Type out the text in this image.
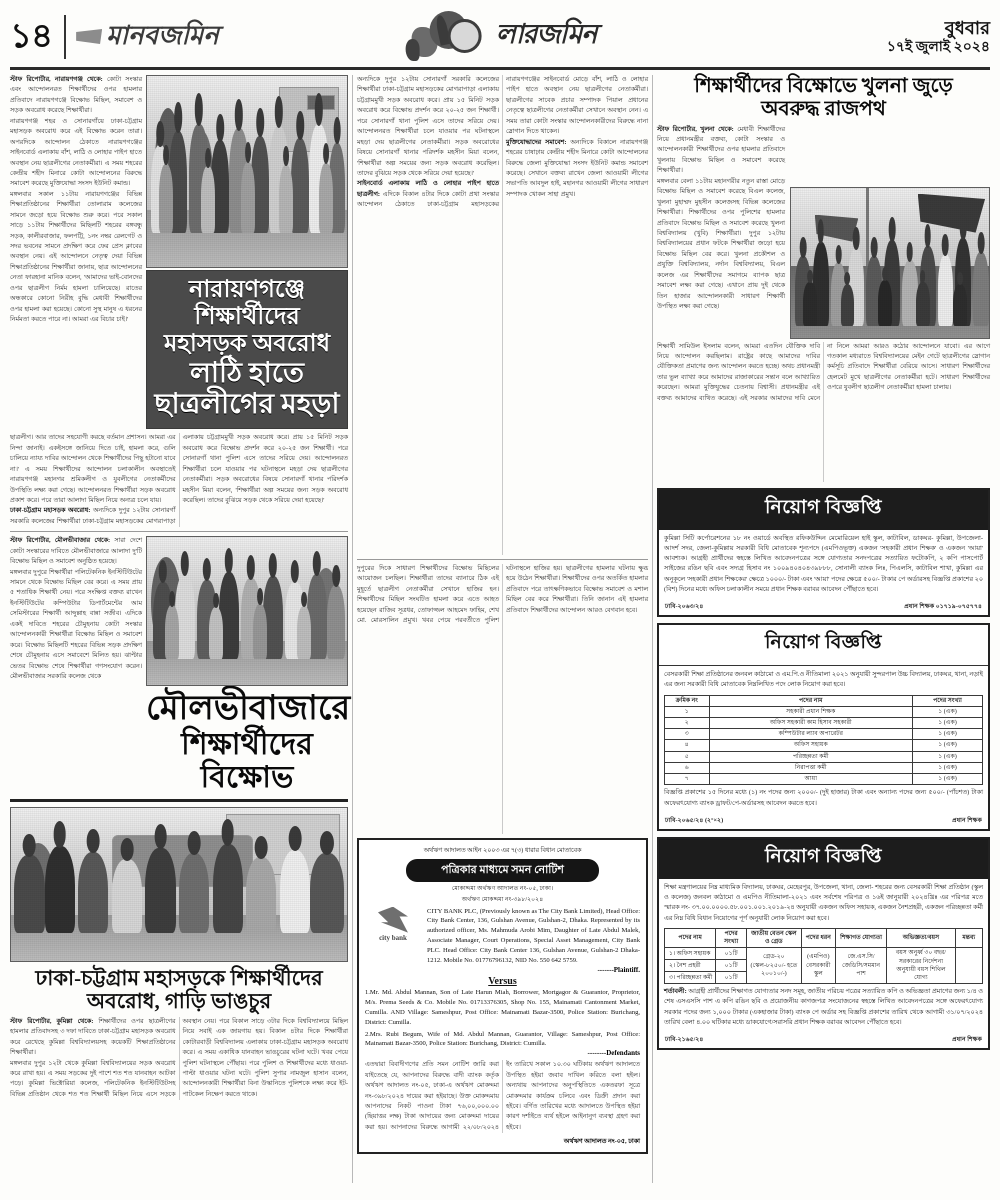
১৪	মানবজমিন	লারজমিন	বুধবার
১৭ই জুলাই ২০২৪

স্টাফ রিপোর্টার, নারায়ণগঞ্জ থেকে: কোটা সংস্কার এবং আন্দোলনরত শিক্ষার্থীদের ওপর হামলার প্রতিবাদে নারায়ণগঞ্জে বিক্ষোভ মিছিল, সমাবেশ ও সড়ক অবরোধ করেছে শিক্ষার্থীরা।

নারায়ণগঞ্জ শহর ও সোনারগাঁয়ে ঢাকা-চট্টগ্রাম মহাসড়ক অবরোধ করে এই বিক্ষোভ করেন তারা। অপরদিকে আন্দোলন ঠেকাতে নারায়ণগঞ্জের সাইনবোর্ড এলাকায় বাঁশ, লাঠি ও লোহার পাইপ হাতে অবস্থান নেয় ছাত্রলীগের নেতাকর্মীরা। এ সময় শহরের কেন্দ্রীয় শহীদ মিনারে কোটা আন্দোলনের বিরুদ্ধে সমাবেশ করেছে মুক্তিযোদ্ধা সংসদ ইউনিট কমান্ড।

মঙ্গলবার সকাল ১১টায় নারায়ণগঞ্জের বিভিন্ন শিক্ষাপ্রতিষ্ঠানের শিক্ষার্থীরা তোলারাম কলেজের সামনে জড়ো হয়ে বিক্ষোভ শুরু করে। পরে সকাল সাড়ে ১১টায় শিক্ষার্থীদের মিছিলটি শহরের বঙ্গবন্ধু সড়ক, কালীরবাজার, ফলপট্টি, ১নং নম্বর রেলগেট ও সদর ভবনের সামনে প্রদক্ষিণ করে ফের প্রেস ক্লাবের অবস্থান নেয়। এই আন্দোলনে নেতৃত্ব দেয়া বিভিন্ন শিক্ষাপ্রতিষ্ঠানের শিক্ষার্থীরা জানায়, ছাত্র আন্দোলনের নেতা ফারহানা মানিক বলেন, 'আমাদের ভাই-বোনদের ওপর ছাত্রলীগ নির্মম হামলা চালিয়েছে। রাতের অন্ধকারে কোনো নিরীহ বুদ্ধি মেধাবী শিক্ষার্থীদের ওপর হামলা করা হয়েছে। কোনো সুস্থ মানুষ এ ধরনের নির্মমতা করতে পারে না। আমরা এর বিচার চাই।'

নারায়ণগঞ্জে শিক্ষার্থীদের মহাসড়ক অবরোধ
লাঠি হাতে ছাত্রলীগের মহড়া

ছাত্রলীগ। আর তাদের সহযোগী করছে বর্তমান প্রশাসন। আমরা এর নিন্দা জানাই। একইসঙ্গে জানিয়ে দিতে চাই, হামলা করে, গুলি চালিয়ে ন্যায্য দাবির আন্দোলন থেকে শিক্ষার্থীদের পিছু হটানো যাবে না।' এ সময় শিক্ষার্থীদের আন্দোলন চলাকালীন অবস্থাতেই নারায়ণগঞ্জ মহানগর শ্রমিকলীগ ও যুবলীগের নেতাকর্মীদের উপস্থিতি লক্ষ্য করা গেছে। আন্দোলনরত শিক্ষার্থীরা সড়ক অবরোধ প্রকাশ করে। পরে তারা আলাদা মিছিল নিয়ে অন্যত্র চলে যায়।

ঢাকা-চট্টগ্রাম মহাসড়ক অবরোধ: অন্যদিকে দুপুর ১২টায় সোনারগাঁ সরকারি কলেজের শিক্ষার্থীরা ঢাকা-চট্টগ্রাম মহাসড়কের মোগরাপাড়া এলাকায় চট্টগ্রামমুখী সড়ক অবরোধ করে। প্রায় ১৫ মিনিট সড়ক অবরোধ করে বিক্ষোভ প্রদর্শন করে ২০-২৫ জন শিক্ষার্থী। পরে সোনারগাঁ থানা পুলিশ এসে তাদের সরিয়ে দেয়। আন্দোলনরত শিক্ষার্থীরা চলে যাওয়ার পর ঘটনাস্থলে মহড়া দেয় ছাত্রলীগের নেতাকর্মীরা। সড়ক অবরোধের বিষয়ে সোনারগাঁ থানার পরিদর্শক মহসীন মিয়া বলেন, 'শিক্ষার্থীরা অল্প সময়ের জন্য সড়ক অবরোধ করেছিল। তাদের বুঝিয়ে সড়ক থেকে সরিয়ে দেয়া হয়েছে।'

স্টাফ রিপোর্টার, মৌলভীবাজার থেকে: সারা দেশে কোটা সংস্কারের দাবিতে মৌলভীবাজারে আলাদা দু'টি বিক্ষোভ মিছিল ও সমাবেশ অনুষ্ঠিত হয়েছে।

মঙ্গলবার দুপুরে শিক্ষার্থীরা পলিটেকনিক ইনস্টিটিউটের সামনে থেকে বিক্ষোভ মিছিল বের করে। এ সময় প্রায় ৫ শতাধিক শিক্ষার্থী নেয়। পরে সংক্ষিপ্ত বক্তব্য রাখেন ইনস্টিটিউটের কম্পিউটার ডিপার্টমেন্টের আম সেমিস্টারের শিক্ষার্থী আব্দুল্লাহ বান্না সজীব। এদিকে একই দাবিতে শহরের চৌমুহনায় কোটা সংস্কার আন্দোলনকারী শিক্ষার্থীরা বিক্ষোভ মিছিল ও সমাবেশ করে। বিক্ষোভ মিছিলটি শহরের বিভিন্ন সড়ক প্রদক্ষিণ শেষে চৌমুহনায় এসে সমাবেশে মিলিত হয়। ঝাপ্টার ভেতর বিক্ষোভ শেষে শিক্ষার্থীরা গণসংযোগ করেন। মৌলভীবাজার সরকারি কলেজ থেকে

মৌলভীবাজারে
শিক্ষার্থীদের বিক্ষোভ
ঢাকা-চট্টগ্রাম মহাসড়কে শিক্ষার্থীদের
অবরোধ, গাড়ি ভাঙচুর

স্টাফ রিপোর্টার, কুমিল্লা থেকে: শিক্ষার্থীদের ওপর ছাত্রলীগের হামলার প্রতিবাদসহ ৩ দফা দাবিতে ঢাকা-চট্টগ্রাম মহাসড়ক অবরোধ করে রেখেছে কুমিল্লা বিশ্ববিদ্যালয়সহ কয়েকটি শিক্ষাপ্রতিষ্ঠানের শিক্ষার্থীরা।

মঙ্গলবার দুপুর ১২টা থেকে কুমিল্লা বিশ্ববিদ্যালয়ের সড়ক অবরোধ করে রাখা হয়। এ সময় সড়কের দুই পাশে শত শত যানবাহন আটকা পড়ে। কুমিল্লা ভিক্টোরিয়া কলেজ, পলিটেকনিক ইনস্টিটিউটসহ বিভিন্ন প্রতিষ্ঠান থেকে শত শত শিক্ষার্থী মিছিল নিয়ে এসে সড়কে অবস্থান নেয়। পরে বিকাল সাড়ে ৩টার দিকে বিশ্ববিদ্যালয়ে মিছিল নিয়ে সবাই এক জায়গায় হয়। বিকাল ৪টার দিকে শিক্ষার্থীরা কোটারবাড়ী বিশ্ববিদ্যালয় এলাকায় ঢাকা-চট্টগ্রাম মহাসড়ক অবরোধ করে। এ সময় একাধিক যানবাহন ভাঙচুরের ঘটনা ঘটে। খবর পেয়ে পুলিশ ঘটনাস্থলে পৌঁছায়। পরে পুলিশ ও শিক্ষার্থীদের মধ্যে ধাওয়া-পাল্টা ধাওয়ার ঘটনা ঘটে। পুলিশ সুপার নামজুল হাসান বলেন, আন্দোলনকারী শিক্ষার্থীরা বিনা উস্কানিতে পুলিশকে লক্ষ্য করে ইট-পাটকেল নিক্ষেপ করতে থাকে।

অন্যদিকে দুপুর ১২টায় সোনারগাঁ সরকারি কলেজের শিক্ষার্থীরা ঢাকা-চট্টগ্রাম মহাসড়কের মোগরাপাড়া এলাকায় চট্টগ্রামমুখী সড়ক অবরোধ করে। প্রায় ১৫ মিনিট সড়ক অবরোধ করে বিক্ষোভ প্রদর্শন করে ২০-২৫ জন শিক্ষার্থী। পরে সোনারগাঁ থানা পুলিশ এসে তাদের সরিয়ে দেয়। আন্দোলনরত শিক্ষার্থীরা চলে যাওয়ার পর ঘটনাস্থলে মহড়া দেয় ছাত্রলীগের নেতাকর্মীরা। সড়ক অবরোধের বিষয়ে সোনারগাঁ থানার পরিদর্শক মহসীন মিয়া বলেন, 'শিক্ষার্থীরা অল্প সময়ের জন্য সড়ক অবরোধ করেছিল। তাদের বুঝিয়ে সড়ক থেকে সরিয়ে দেয়া হয়েছে।'

সাইনবোর্ড এলাকায় লাঠি ও লোহার পাইপ হাতে ছাত্রলীগ: এদিকে বিকাল ৪টার দিকে কোটা প্রথা সংস্কার আন্দোলন ঠেকাতে ঢাকা-চট্টগ্রাম মহাসড়কের নারায়ণগঞ্জের সাইনবোর্ড মোড়ে বাঁশ, লাঠি ও লোহার পাইপ হাতে অবস্থান নেয় ছাত্রলীগের নেতাকর্মীরা। ছাত্রলীগের সাবেক প্রচার সম্পাদক পিয়াল প্রধানের নেতৃত্বে ছাত্রলীগের নেতাকর্মীরা সেখানে অবস্থান নেন। এ সময় তারা কোটা সংস্কার আন্দোলনকারীদের বিরুদ্ধে নানা স্লোগান দিতে থাকেন।

মুক্তিযোদ্ধাদের সমাবেশ: অন্যদিকে বিকালে নারায়ণগঞ্জ শহরের চাষাঢ়ায় কেন্দ্রীয় শহীদ মিনারে কোটা আন্দোলনের বিরুদ্ধে জেলা মুক্তিযোদ্ধা সংসদ ইউনিট কমান্ড সমাবেশ করেছে। সেখানে বক্তব্য রাখেন জেলা আওয়ামী লীগের সভাপতি আবদুল হাই, মহানগর আওয়ামী লীগের সাধারণ সম্পাদক খোকন সাহা প্রমুখ।

দুপুরের দিকে সাধারণ শিক্ষার্থীদের বিক্ষোভ মিছিলের আয়োজন চলছিল। শিক্ষার্থীরা তাদের ব্যানারে ঠিক এই মুহূর্তে ছাত্রলীগ নেতাকর্মীরা সেখানে হাজির হন। শিক্ষার্থীদের মিছিল সংঘটিত হামলা করে এতে আহত হয়েছেন রাজিব সূত্রধর, তোফাজ্জল আহমেদ ফাহিম, শেখ মো. মোরসালিন প্রমুখ। খবর পেয়ে পরবর্তীতে পুলিশ ঘটনাস্থলে হাজির হয়। ছাত্রলীগের হামলার ঘটনায় ক্ষুব্ধ হয়ে উঠেন শিক্ষার্থীরা। শিক্ষার্থীদের ওপর অতর্কিত হামলার প্রতিবাদে পরে তাৎক্ষণিকভাবে বিক্ষোভ সমাবেশ ও মশাল মিছিল বের করে শিক্ষার্থীরা। তিনি জানান এই হামলার প্রতিবাদে শিক্ষার্থীদের আন্দোলন আরও বেগবান হবে।

অর্থঋণ আদালত আইন ২০০৩ এর ৭(৩) ধারার বিধান মোতাবেক
পত্রিকার মাধ্যমে সমন নোটিশ
মোকাদ্দমা অর্থঋণ আদালত নং-০৫, ঢাকা।
অর্থঋণ মোকদ্দমা নং-৩৯৮/২০২৪
city bank
CITY BANK PLC, (Previously known as The City Bank Limited), Head Office: City Bank Center, 136, Gulshan Avenue, Gulshan-2, Dhaka. Represented by its authorized officer, Ms. Mahmuda Arobi Mim, Daughter of Late Abdul Malek, Associate Manager, Court Operations, Special Asset Management, City Bank PLC. Head Office: City Bank Center 136, Gulshan Avenue, Gulshan-2 Dhaka- 1212. Mobile No. 01776796132, NID No. 550 642 5759.
-------Plaintiff.
Versus
1.Mr. Md. Abdul Mannan, Son of Late Harun Miah, Borrower, Mortgagor & Guarantor, Proprietor, M/s. Prema Seeds & Co. Mobile No. 01713376305, Shop No. 155, Mainamati Cantonment Market, Cumilla. AND Village: Sameshpur, Post Office: Mainamati Bazar-3500, Police Station: Burichang, District: Cumilla.
2.Mrs. Rubi Begum, Wife of Md. Abdul Mannan, Guarantor, Village: Sameshpur, Post Office: Mainamati Bazar-3500, Police Station: Burichang, District: Cumilla.
--------Defendants

এতদ্বারা বিবাদীগণের প্রতি সমন নোটিশ জারি করা যাইতেছে যে, আপনাদের বিরুদ্ধে বাদী ব্যাংক কর্তৃক অর্থঋণ আদালত নং-০৫, ঢাকা-এ অর্থঋণ মোকদ্দমা নং-৩৯৮/২০২৪ দায়ের করা হইয়াছে। উক্ত মোকদ্দমায় আপনাদের নিকট পাওনা টাকা ৭৬,০০,০০০.০০ (ছিয়াত্তর লক্ষ) টাকা আদায়ের জন্য মোকদ্দমা দায়ের করা হয়। আপনাদের বিরুদ্ধে আগামী ২২/০৮/২০২৪ ইং তারিখে সকাল ১০.৩০ ঘটিকায় অর্থঋণ আদালতে উপস্থিত হইয়া জবাব দাখিল করিতে বলা হইল। অন্যথায় আপনাদের অনুপস্থিতিতে একতরফা সূত্রে মোকদ্দমার কার্যক্রম চলিবে এবং ডিক্রী প্রদান করা হইবে। বর্ণিত তারিখের মধ্যে আদালতে উপস্থিত হইয়া কারণ দর্শাইতে ব্যর্থ হইলে আইনানুগ ব্যবস্থা গ্রহণ করা হইবে।

অর্থঋণ আদালত নং-০৫, ঢাকা
শিক্ষার্থীদের বিক্ষোভে খুলনা জুড়ে
অবরুদ্ধ রাজপথ

স্টাফ রিপোর্টার, খুলনা থেকে: মেধাবী শিক্ষার্থীদের নিয়ে প্রধানমন্ত্রীর বক্তব্য, কোটা সংস্কার ও আন্দোলনকারী শিক্ষার্থীদের ওপর হামলার প্রতিবাদে খুলনায় বিক্ষোভ মিছিল ও সমাবেশ করেছে শিক্ষার্থীরা।

মঙ্গলবার বেলা ১১টায় মহানগরীর নতুন রাস্তা মোড়ে বিক্ষোভ মিছিল ও সমাবেশ করেছে বিএল কলেজ, খুলনা মুহাম্মদ মুহসীন কলেজসহ বিভিন্ন কলেজের শিক্ষার্থীরা। শিক্ষার্থীদের ওপর পুলিশের হামলার প্রতিবাদে বিক্ষোভ মিছিল ও সমাবেশ করেছে খুলনা বিশ্ববিদ্যালয় (খুবি) শিক্ষার্থীরা। দুপুর ১২টায় বিশ্ববিদ্যালয়ের প্রধান ফটকে শিক্ষার্থীরা জড়ো হয়ে বিক্ষোভ মিছিল বের করে। খুলনা প্রকৌশল ও প্রযুক্তি বিশ্ববিদ্যালয়, নর্দান বিশ্ববিদ্যালয়, বিএল কলেজ এর শিক্ষার্থীদের সমাগমে ব্যাপক ছাত্র সমাবেশ লক্ষ্য করা গেছে। এখানে প্রায় দুই থেকে তিন হাজার আন্দোলনকারী সাধারণ শিক্ষার্থী উপস্থিত লক্ষ্য করা গেছে।

শিক্ষার্থী সামিউল ইসলাম বলেন, আমরা এতদিন যৌক্তিক দাবি নিয়ে আন্দোলন করছিলাম। রাষ্ট্রের কাছে আমাদের দাবির যৌক্তিকতা প্রমাণের জন্য আন্দোলন করতে হচ্ছে। অথচ প্রধানমন্ত্রী তার ভুল ব্যাখ্যা করে আমাদের রাজাকারের সন্তান বলে আখ্যায়িত করেছেন। আমরা মুক্তিযুদ্ধের চেতনায় বিশ্বাসী। প্রধানমন্ত্রীর এই বক্তব্য আমাদের ব্যথিত করেছে। এই সরকার আমাদের দাবি মেনে না নিলে আমরা আরও কঠোর আন্দোলনে যাবো। এর আগে গতকাল মধ্যরাতে বিশ্ববিদ্যালয়ের মেইন গেটে ছাত্রলীগের স্লোগান কর্মসূচি প্রতিবাদে শিক্ষার্থীরা বেরিয়ে আসে। সাধারণ শিক্ষার্থীদের হেলমেট মুখে ছাত্রলীগের নেতাকর্মীরা হটে। সাধারণ শিক্ষার্থীদের ওপরে যুবলীগ ছাত্রলীগ নেতাকর্মীরা হামলা চালায়।

নিয়োগ বিজ্ঞপ্তি
কুমিল্লা সিটি কর্পোরেশনের ১৮ নং ওয়ার্ডে অবস্থিত রফিকউদ্দিন মেমোরিয়েল হাই স্কুল, কাটাবিল, ডাকঘর- কুমিল্লা, উপজেলা- আদর্শ সদর, জেলা-কুমিল্লায় সরকারী বিধি মোতাবেক শূন্যপদে (এমপিওভূক্ত) একজন 'সহকারী প্রধান শিক্ষক' ও একজন 'আয়া' আবশ্যক। আগ্রহী প্রার্থীদের স্বহস্তে লিখিত আবেদনপত্রের সঙ্গে যোগ্যতার সনদপত্রের সত্যায়িত ফটোকপি, ২ কপি পাসপোর্ট সাইজের রঙিন ছবি এবং সদ্যগ্র হিসাব নং ১০০৯৪০৪০৪৩৯৮৮৮, সোনালী ব্যাংক লিঃ, পিএলসি, কাটাবিল শাখা, কুমিল্লা এর অনুকূলে 'সহকারী প্রধান শিক্ষকের' ক্ষেত্রে ১০০০/- টাকা এবং 'আয়া' পদের ক্ষেত্রে ৫০০/- টাকার পে অর্ডারসহ বিজ্ঞপ্তি প্রকাশের ২০ (বিশ) দিনের মধ্যে অফিস চলাকালীন সময়ে প্রধান শিক্ষক বরাবর আবেদন পৌঁছাতে হবে।
ঢাবি-২০৬৩/২৪	প্রধান শিক্ষক ০১৭১৯-০৭৫৭৭৪
নিয়োগ বিজ্ঞপ্তি
বেসরকারী শিক্ষা প্রতিষ্ঠানের জনবল কাঠামো ও এম.পি.ও নীতিমালা ২০২১ অনুযায়ী সুন্দরপাল উচ্চ বিদ্যালয়, ঢাকঘর, থানা, নড়াই এর জন্য সরকারী বিধি মোতাবেক নিম্নলিখিত পদে লোক নিয়োগ করা হবে।
ক্রমিক নং	পদের নাম	পদের সংখ্যা
১	সহকারী প্রধান শিক্ষক	১ (এক)
২	অফিস সহকারী কাম হিসাব সহকারী	১ (এক)
৩	কম্পিউটার ল্যাব অপারেটর	১ (এক)
৪	অফিস সহায়ক	১ (এক)
৫	পরিচ্ছন্নতা কর্মী	১ (এক)
৬	নিরাপত্তা কর্মী	১ (এক)
৭	আয়া	১ (এক)
বিজ্ঞপ্তি প্রকাশের ১৫ দিনের মধ্যে (১) নং পদের জন্য ২০০০/- (দুই হাজার) টাকা এবং অন্যান্য পদের জন্য ৫০০/- (পাঁচশত) টাকা অফেরৎযোগ্য ব্যাংক ড্রাফট/পে-অর্ডারসহ আবেদন করতে হবে।
ঢাবি-২০৬৫/২৪ (২°×২)	প্রধান শিক্ষক
নিয়োগ বিজ্ঞপ্তি
শিক্ষা মন্ত্রণালয়ের নিম্ন মাধ্যমিক বিদ্যালয়, ঢাকঘর, মেহেরপুর, উপজেলা, থানা, জেলা- শহরের জন্য বেসরকারী শিক্ষা প্রতিষ্ঠান (স্কুল ও কলেজ) জনবল কাঠামো ও এমপিও নীতিমালা-২০২১ এবং সর্বশেষ পরিপত্র ও ১৬ই জানুয়ারী ২০২৪খ্রিঃ এর পরিপত্র মতে স্মারক নং- ৩৭.০০.০০০০.৫৮.০০১.০০১.২০১৯-২৪ অনুযায়ী একজন অফিস সহায়ক, একজন নৈশপ্রহরী, একজন পরিচ্ছন্নতা কর্মী এর নিম্ন বিধি বিধান নিয়োগের পূর্ণ অনুযায়ী লোক নিয়োগ করা হবে।
পদের নাম	পদের সংখ্যা	জাতীয় বেতন স্কেল ও গ্রেড	পদের ধরন	শিক্ষাগত যোগ্যতা	অভিজ্ঞতা/বয়স	মন্তব্য
১। অফিস সহায়ক	০১টি	গ্রেড-২০ (স্কেল-৮২৫০/- হতে ২০০১০/-)	(এমপিও) বেসরকারী স্কুল	জে.এস.সি/ জেডিসি/সমমান পাশ	বয়স অনুর্ধ্ব ৩০ বছর/ সরকারের নির্দেশনা অনুযায়ী বয়স শিথিল যোগ্য	
২। নৈশ প্রহরী	০১টি					
৩। পরিচ্ছন্নতা কর্মী	০১টি					
শর্তাবলী: আগ্রহী প্রার্থীদের শিক্ষাগত যোগ্যতার সনদ সমূহ, জাতীয় পরিচয় পত্রের সত্যায়িত কপি ও অভিজ্ঞতা প্রমাণের জন্য ১/৪ ও শেষ এসএসসি পাশ এ কপি রঙিন ছবি ও প্রয়োজনীয় কাগজপত্র সংযোজনের স্বহস্তে লিখিত আবেদনপত্রের সঙ্গে অফেরৎযোগ্য সরকার পদের জন্য ১,০০০ টাকার (একহাজার টাকা) ব্যাংক পে অর্ডার সহ বিজ্ঞপ্তি প্রকাশের তারিখ থেকে আগামী ৩১/০৭/২০২৪ তারিখ বেলা ৪.০০ ঘটিকার মধ্যে ডাকযোগে/সরাসরি প্রধান শিক্ষক বরাবর আবেদন পৌঁছাতে হবে।
ঢাবি-২১৬৫/২৪	প্রধান শিক্ষক
